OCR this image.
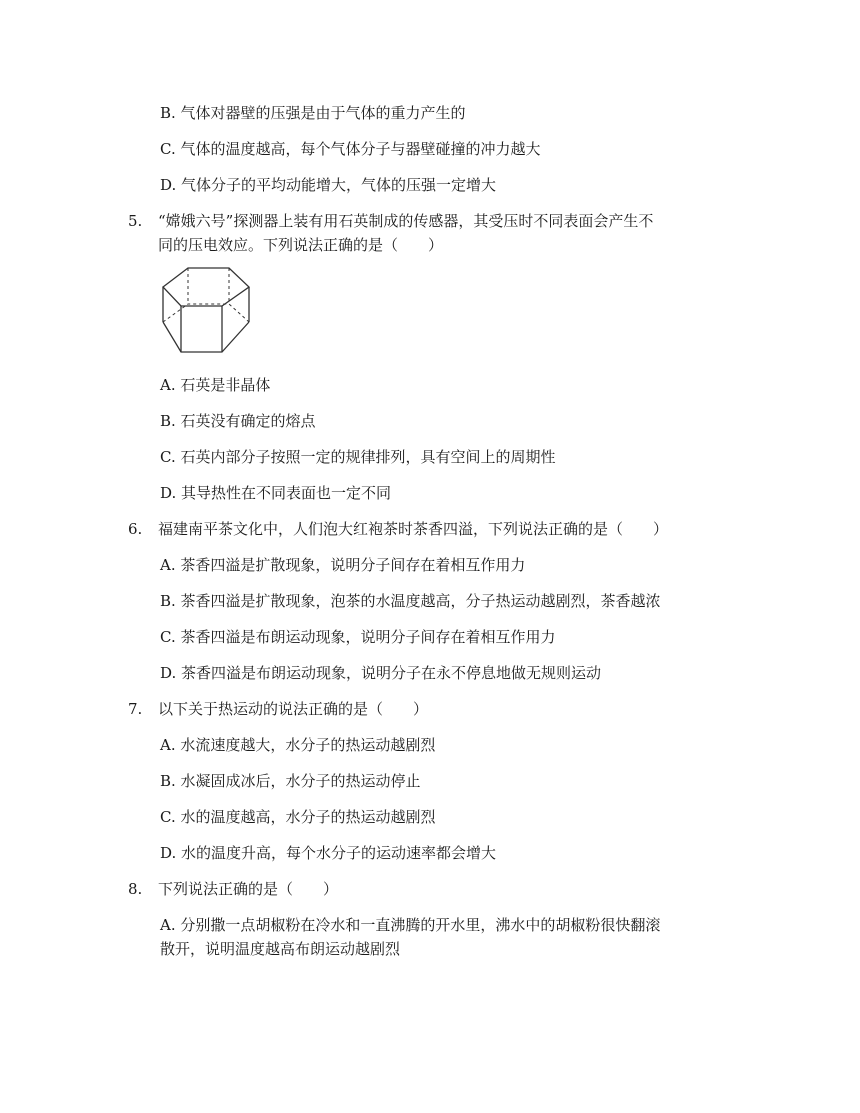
B. 气体对器壁的压强是由于气体的重力产生的
C. 气体的温度越高，每个气体分子与器壁碰撞的冲力越大
D. 气体分子的平均动能增大，气体的压强一定增大
5.	“嫦娥六号”探测器上装有用石英制成的传感器，其受压时不同表面会产生不
同的压电效应。下列说法正确的是（　　）
A. 石英是非晶体
B. 石英没有确定的熔点
C. 石英内部分子按照一定的规律排列，具有空间上的周期性
D. 其导热性在不同表面也一定不同
6.	福建南平茶文化中，人们泡大红袍茶时茶香四溢，下列说法正确的是（　　）
A. 茶香四溢是扩散现象，说明分子间存在着相互作用力
B. 茶香四溢是扩散现象，泡茶的水温度越高，分子热运动越剧烈，茶香越浓
C. 茶香四溢是布朗运动现象，说明分子间存在着相互作用力
D. 茶香四溢是布朗运动现象，说明分子在永不停息地做无规则运动
7.	以下关于热运动的说法正确的是（　　）
A. 水流速度越大，水分子的热运动越剧烈
B. 水凝固成冰后，水分子的热运动停止
C. 水的温度越高，水分子的热运动越剧烈
D. 水的温度升高，每个水分子的运动速率都会增大
8.	下列说法正确的是（　　）
A. 分别撒一点胡椒粉在冷水和一直沸腾的开水里，沸水中的胡椒粉很快翻滚
散开，说明温度越高布朗运动越剧烈
